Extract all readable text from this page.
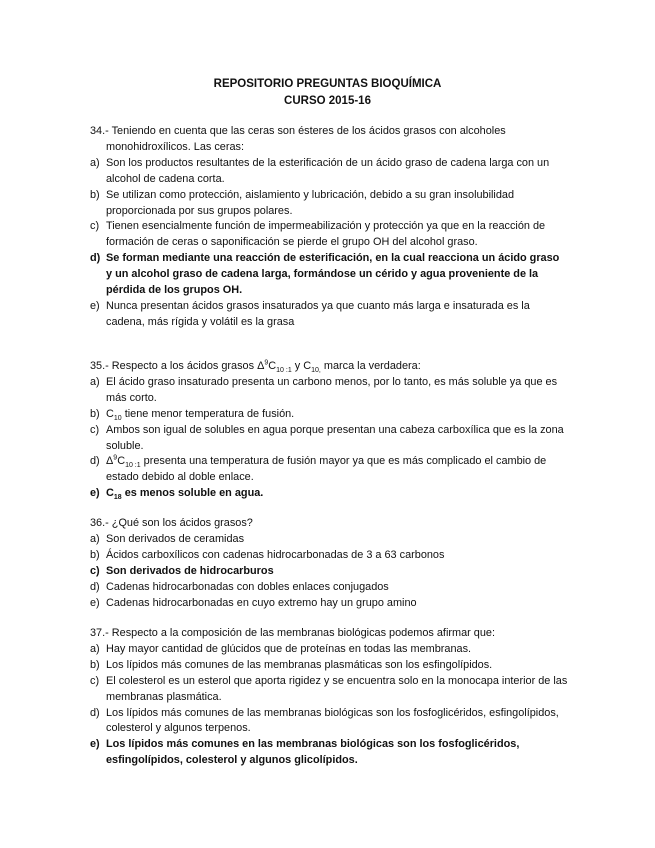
REPOSITORIO PREGUNTAS BIOQUÍMICA
CURSO 2015-16
34.- Teniendo en cuenta que las ceras son ésteres de los ácidos grasos con alcoholes monohidroxílicos. Las ceras:
a) Son los productos resultantes de la esterificación de un ácido graso de cadena larga con un alcohol de cadena corta.
b) Se utilizan como protección, aislamiento y lubricación, debido a su gran insolubilidad proporcionada por sus grupos polares.
c) Tienen esencialmente función de impermeabilización y protección ya que en la reacción de formación de ceras o saponificación se pierde el grupo OH del alcohol graso.
d) Se forman mediante una reacción de esterificación, en la cual reacciona un ácido graso y un alcohol graso de cadena larga, formándose un cérido y agua proveniente de la pérdida de los grupos OH.
e) Nunca presentan ácidos grasos insaturados ya que cuanto más larga e insaturada es la cadena, más rígida y volátil es la grasa
35.- Respecto a los ácidos grasos $\Delta^9C_{10 :1}$ y $C_{10,}$ marca la verdadera:
a) El ácido graso insaturado presenta un carbono menos, por lo tanto, es más soluble ya que es más corto.
b) $C_{10}$ tiene menor temperatura de fusión.
c) Ambos son igual de solubles en agua porque presentan una cabeza carboxílica que es la zona soluble.
d) $\Delta^9C_{10 :1}$ presenta una temperatura de fusión mayor ya que es más complicado el cambio de estado debido al doble enlace.
e) $C_{18}$ es menos soluble en agua.
36.- ¿Qué son los ácidos grasos?
a) Son derivados de ceramidas
b) Ácidos carboxílicos con cadenas hidrocarbonadas de 3 a 63 carbonos
c) Son derivados de hidrocarburos
d) Cadenas hidrocarbonadas con dobles enlaces conjugados
e) Cadenas hidrocarbonadas en cuyo extremo hay un grupo amino
37.- Respecto a la composición de las membranas biológicas podemos afirmar que:
a) Hay mayor cantidad de glúcidos que de proteínas en todas las membranas.
b) Los lípidos más comunes de las membranas plasmáticas son los esfingolípidos.
c) El colesterol es un esterol que aporta rigidez y se encuentra solo en la monocapa interior de las membranas plasmática.
d) Los lípidos más comunes de las membranas biológicas son los fosfoglicéridos, esfingolípidos, colesterol y algunos terpenos.
e) Los lípidos más comunes en las membranas biológicas son los fosfoglicéridos, esfingolípidos, colesterol y algunos glicolípidos.
